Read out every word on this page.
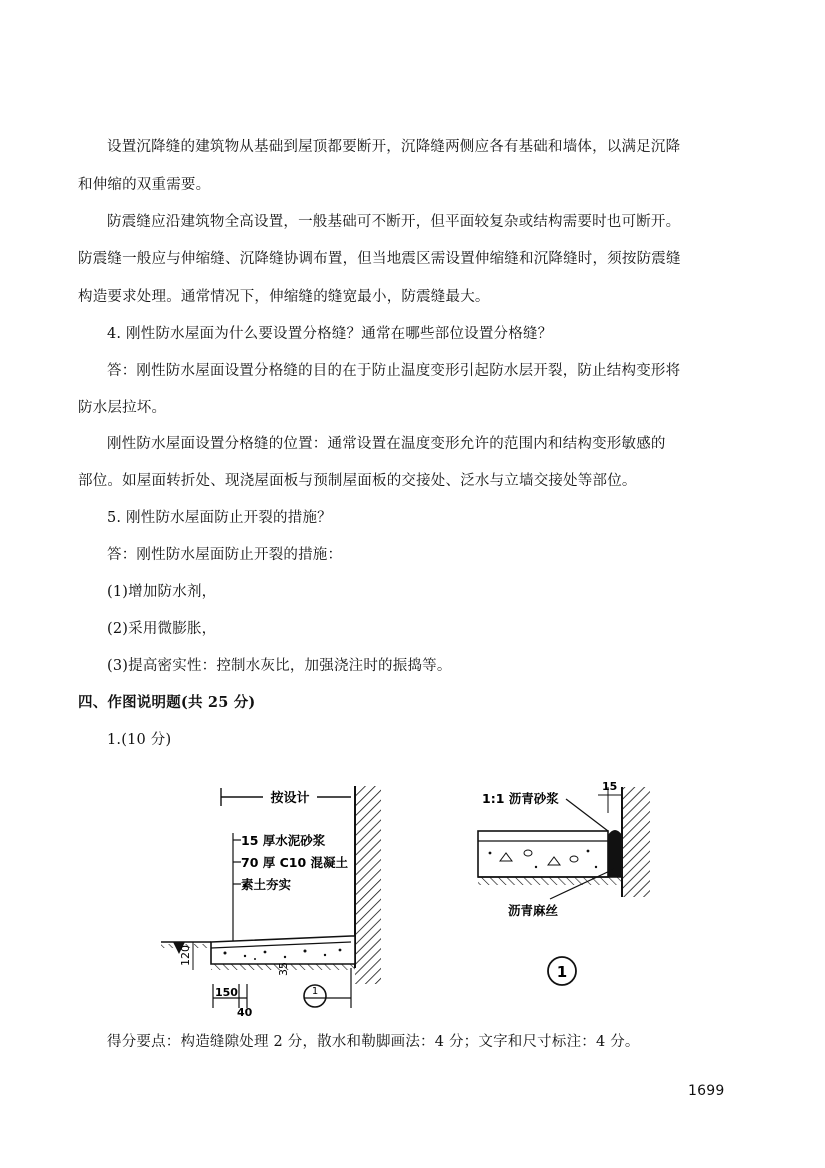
设置沉降缝的建筑物从基础到屋顶都要断开，沉降缝两侧应各有基础和墙体，以满足沉降
和伸缩的双重需要。
防震缝应沿建筑物全高设置，一般基础可不断开，但平面较复杂或结构需要时也可断开。
防震缝一般应与伸缩缝、沉降缝协调布置，但当地震区需设置伸缩缝和沉降缝时，须按防震缝
构造要求处理。通常情况下，伸缩缝的缝宽最小，防震缝最大。
4. 刚性防水屋面为什么要设置分格缝？通常在哪些部位设置分格缝？
答：刚性防水屋面设置分格缝的目的在于防止温度变形引起防水层开裂，防止结构变形将
防水层拉坏。
刚性防水屋面设置分格缝的位置：通常设置在温度变形允许的范围内和结构变形敏感的
部位。如屋面转折处、现浇屋面板与预制屋面板的交接处、泛水与立墙交接处等部位。
5. 刚性防水屋面防止开裂的措施？
答：刚性防水屋面防止开裂的措施：
(1)增加防水剂，
(2)采用微膨胀，
(3)提高密实性：控制水灰比，加强浇注时的振捣等。
四、作图说明题(共 25 分)
1.(10 分)
按设计
15 厚水泥砂浆
70 厚 C10 混凝土
素土夯实
120
35
150
40
1
1:1 沥青砂浆
15
沥青麻丝
1
得分要点：构造缝隙处理 2 分，散水和勒脚画法：4 分；文字和尺寸标注：4 分。
1699
